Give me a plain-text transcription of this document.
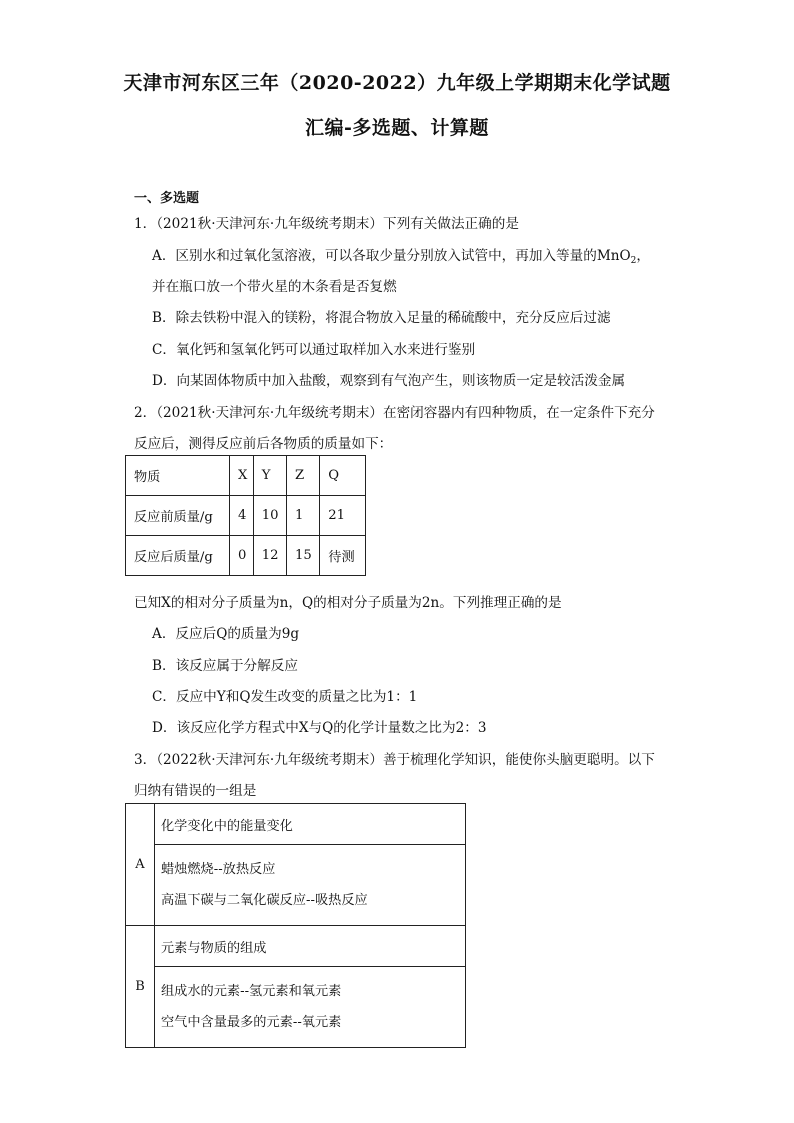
天津市河东区三年（2020-2022）九年级上学期期末化学试题
汇编-多选题、计算题
一、多选题
1．（2021秋·天津河东·九年级统考期末）下列有关做法正确的是
A．区别水和过氧化氢溶液，可以各取少量分别放入试管中，再加入等量的MnO$_2$，
并在瓶口放一个带火星的木条看是否复燃
B．除去铁粉中混入的镁粉，将混合物放入足量的稀硫酸中，充分反应后过滤
C．氧化钙和氢氧化钙可以通过取样加入水来进行鉴别
D．向某固体物质中加入盐酸，观察到有气泡产生，则该物质一定是较活泼金属
2．（2021秋·天津河东·九年级统考期末）在密闭容器内有四种物质，在一定条件下充分
反应后，测得反应前后各物质的质量如下：
物质	X	Y	Z	Q
反应前质量/g	4	10	1	21
反应后质量/g	0	12	15	待测
已知X的相对分子质量为n，Q的相对分子质量为2n。下列推理正确的是
A．反应后Q的质量为9g
B．该反应属于分解反应
C．反应中Y和Q发生改变的质量之比为1：1
D．该反应化学方程式中X与Q的化学计量数之比为2：3
3．（2022秋·天津河东·九年级统考期末）善于梳理化学知识，能使你头脑更聪明。以下
归纳有错误的一组是
A	化学变化中的能量变化

	蜡烛燃烧--放热反应
高温下碳与二氧化碳反应--吸热反应

B	元素与物质的组成

	组成水的元素--氢元素和氧元素
空气中含量最多的元素--氧元素
